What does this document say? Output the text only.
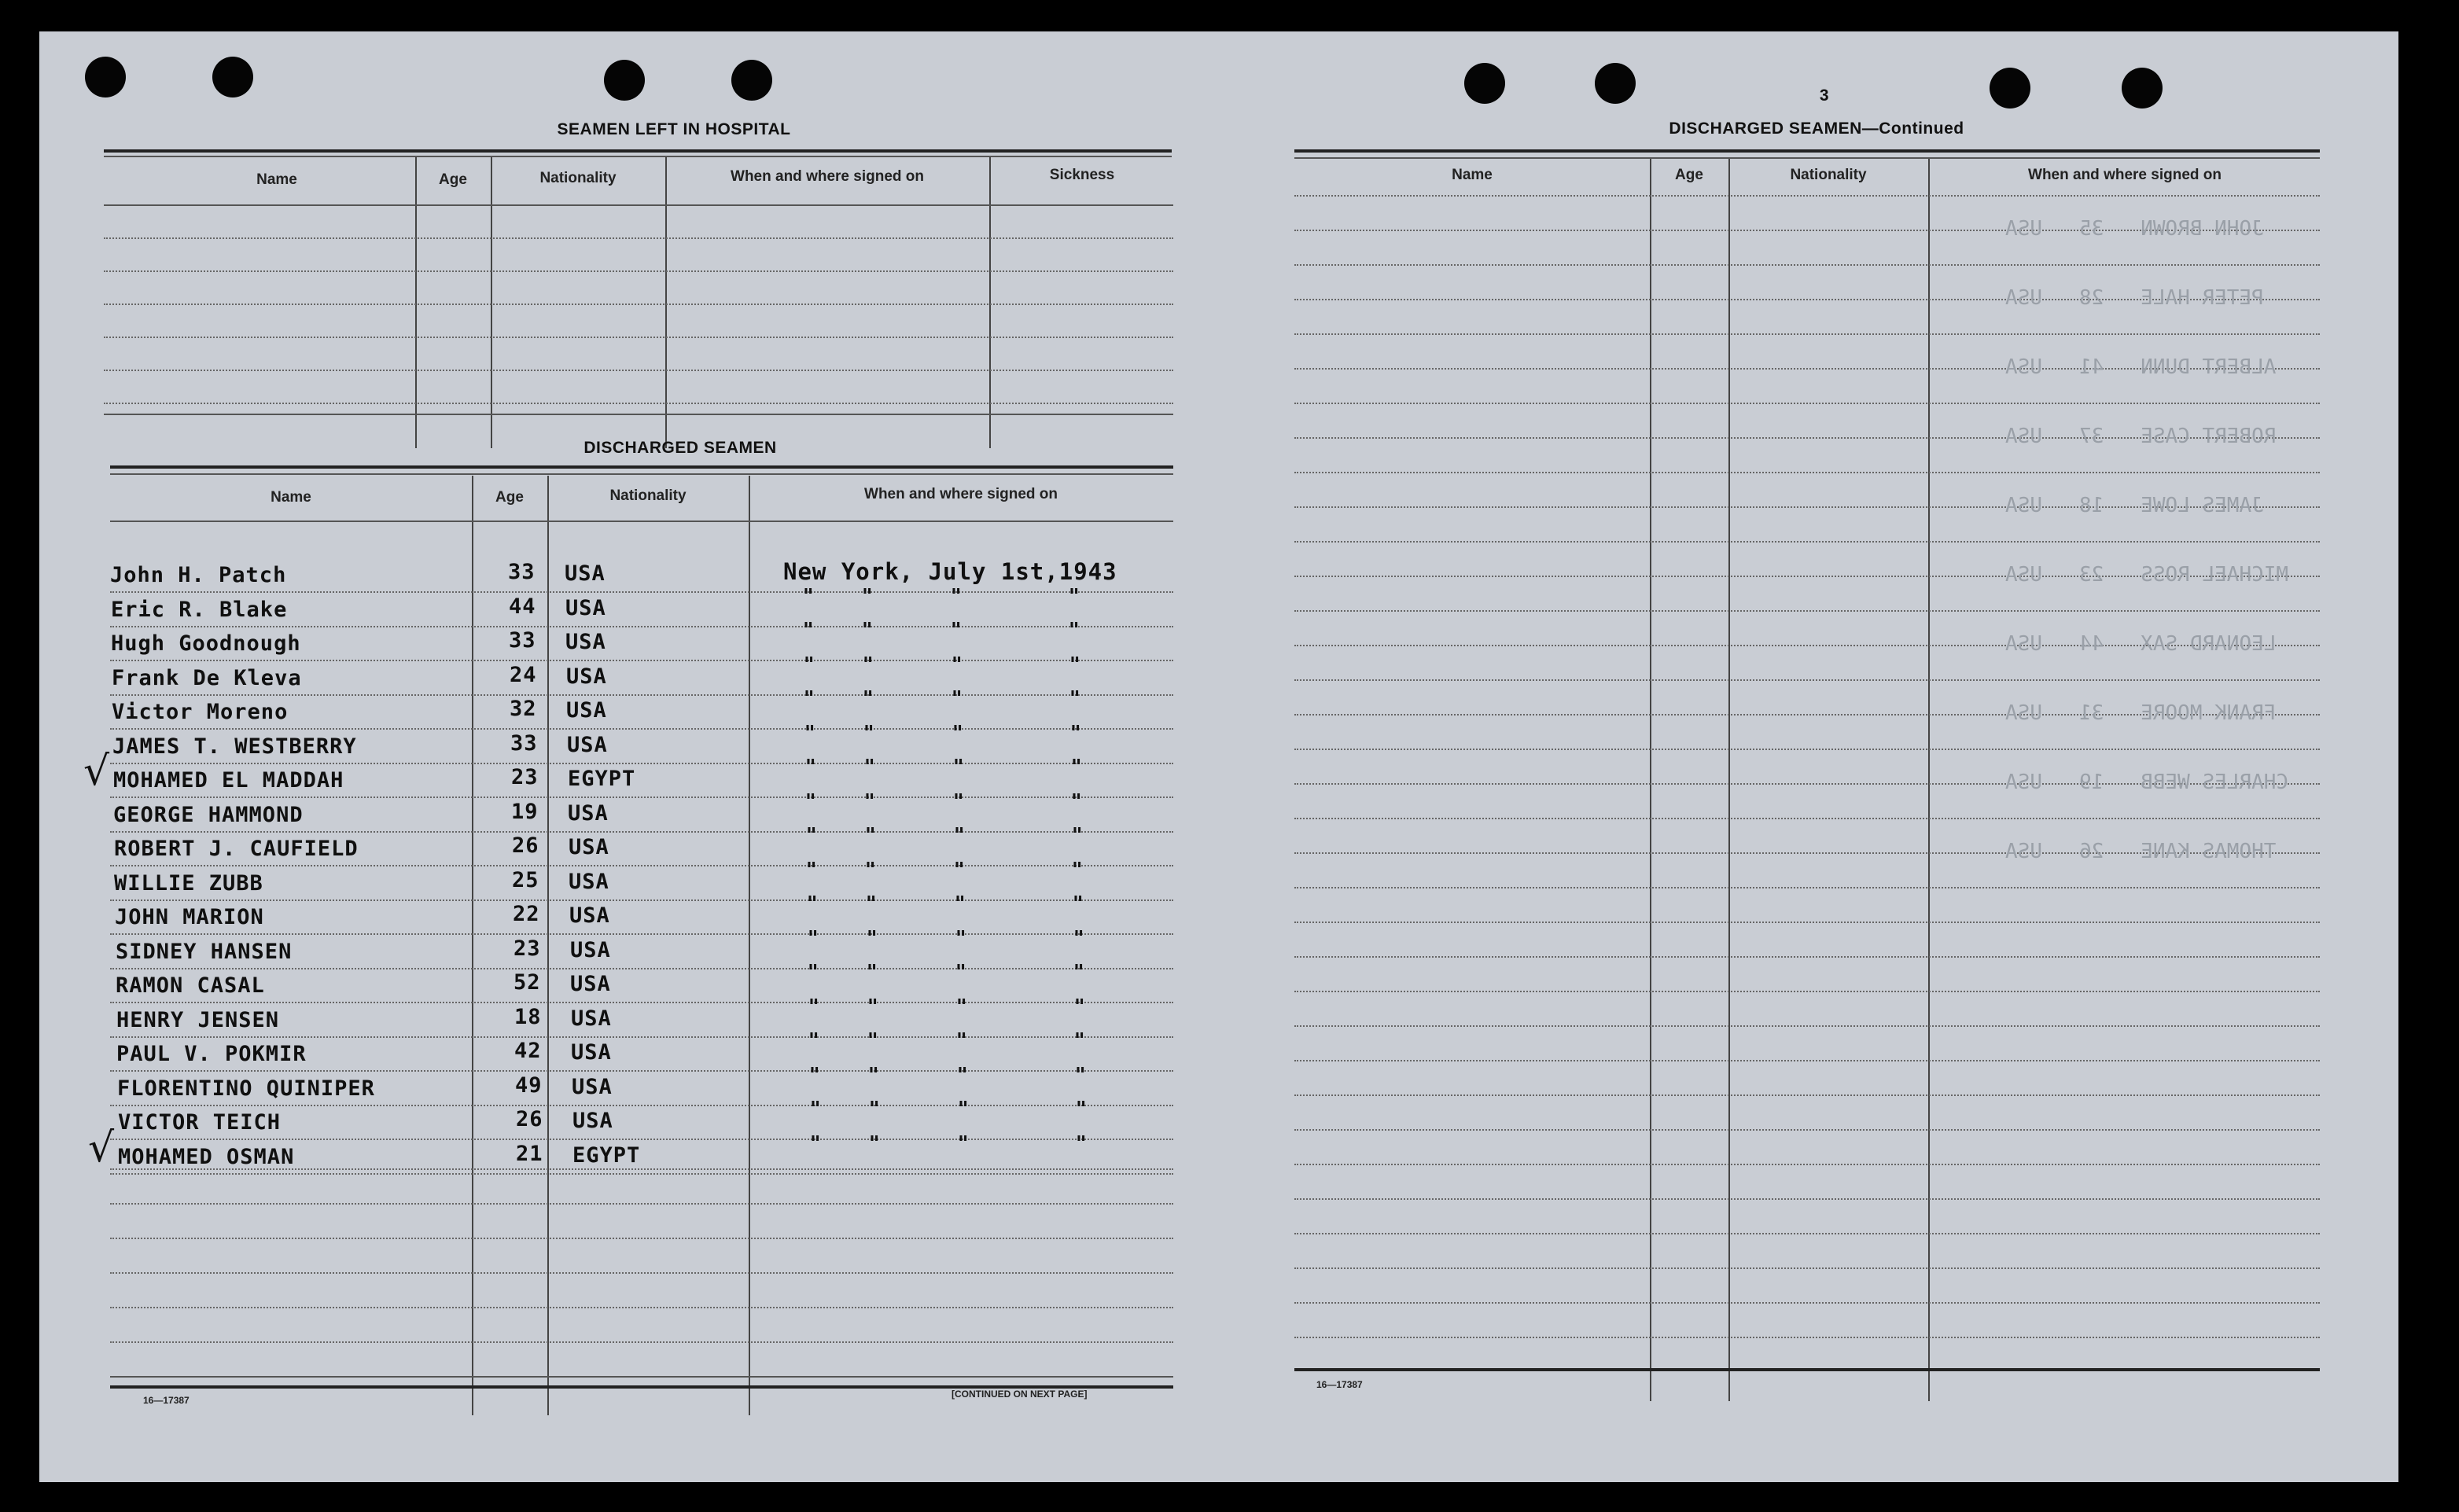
SEAMEN LEFT IN HOSPITAL
Name	Age	Nationality	When and where signed on	Sickness
DISCHARGED SEAMEN
Name	Age	Nationality	When and where signed on
John H. Patch	33 USA	New York, July 1st,1943
Eric R. Blake	44 USA	" "	"	"
Hugh Goodnough	33 USA	" "	"	"
Frank De Kleva	24 USA	" "	"	"
Victor Moreno	32 USA	" "	"	"
JAMES T. WESTBERRY	33 USA	" "	"	"
√ MOHAMED EL MADDAH	23 EGYPT	" "	"	"
GEORGE HAMMOND	19 USA	" "	"	"
ROBERT J. CAUFIELD	26 USA	" "	"	"
WILLIE ZUBB	25 USA	" "	"	"
JOHN MARION	22 USA	" "	"	"
SIDNEY HANSEN	23 USA	" "	"	"
RAMON CASAL	52 USA	" "	"	"
HENRY JENSEN	18 USA	" "	"	"
PAUL V. POKMIR	42 USA	" "	"	"
FLORENTINO QUINIPER	49 USA	" "	"	"
VICTOR TEICH	26 USA	" "	"	"
√ MOHAMED OSMAN	21 EGYPT	" "	"	"
16—17387
[CONTINUED ON NEXT PAGE]
3
DISCHARGED SEAMEN—Continued
Name	Age	Nationality	When and where signed on
16—17387
JOHN BROWN   35   USA
PETER HALE   28   USA
ALBERT DUNN   41   USA
ROBERT CASE   37   USA
JAMES LOWE   18   USA
MICHAEL ROSS   23   USA
LEONARD SAX   44   USA
FRANK MOORE   31   USA
CHARLES WEBB   19   USA
THOMAS KANE   26   USA
